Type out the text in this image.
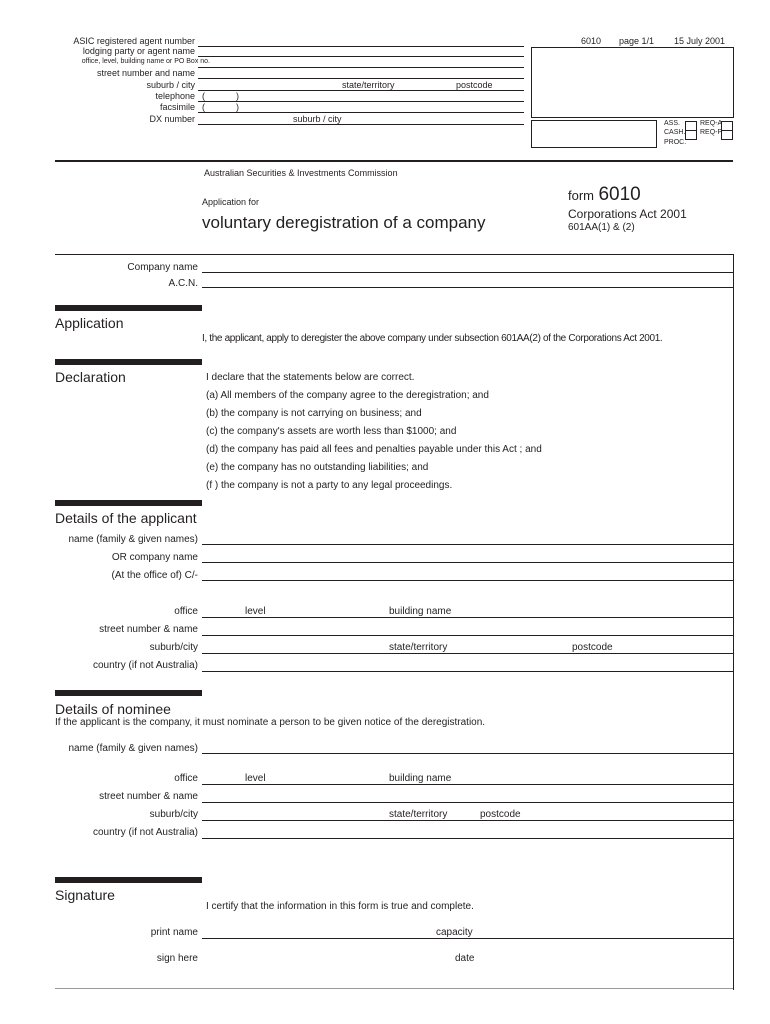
ASIC registered agent number
lodging party or agent name
office, level, building name or PO Box no.
street number and name
suburb / city	state/territory	postcode
telephone (	)
facsimile (	)
DX number	suburb / city
6010 page 1/1 15 July 2001
ASS.
CASH.
PROC.
REQ-A
REQ-P
Australian Securities & Investments Commission
Application for
voluntary deregistration of a company
form 6010
Corporations Act 2001
601AA(1) & (2)
Company name
A.C.N.
Application
I, the applicant, apply to deregister the above company under subsection 601AA(2) of the Corporations Act 2001.
Declaration	I declare that the statements below are correct.
(a) All members of the company agree to the deregistration; and
(b) the company is not carrying on business; and
(c) the company's assets are worth less than $1000; and
(d) the company has paid all fees and penalties payable under this Act ; and
(e) the company has no outstanding liabilities; and
(f ) the company is not a party to any legal proceedings.
Details of the applicant
name (family & given names)
OR company name
(At the office of) C/-
office	level	building name
street number & name
suburb/city	state/territory	postcode
country (if not Australia)
Details of nominee
If the applicant is the company, it must nominate a person to be given notice of the deregistration.
name (family & given names)
office	level	building name
street number & name
suburb/city	state/territory	postcode
country (if not Australia)
Signature
I certify that the information in this form is true and complete.
print name	capacity
sign here	date
